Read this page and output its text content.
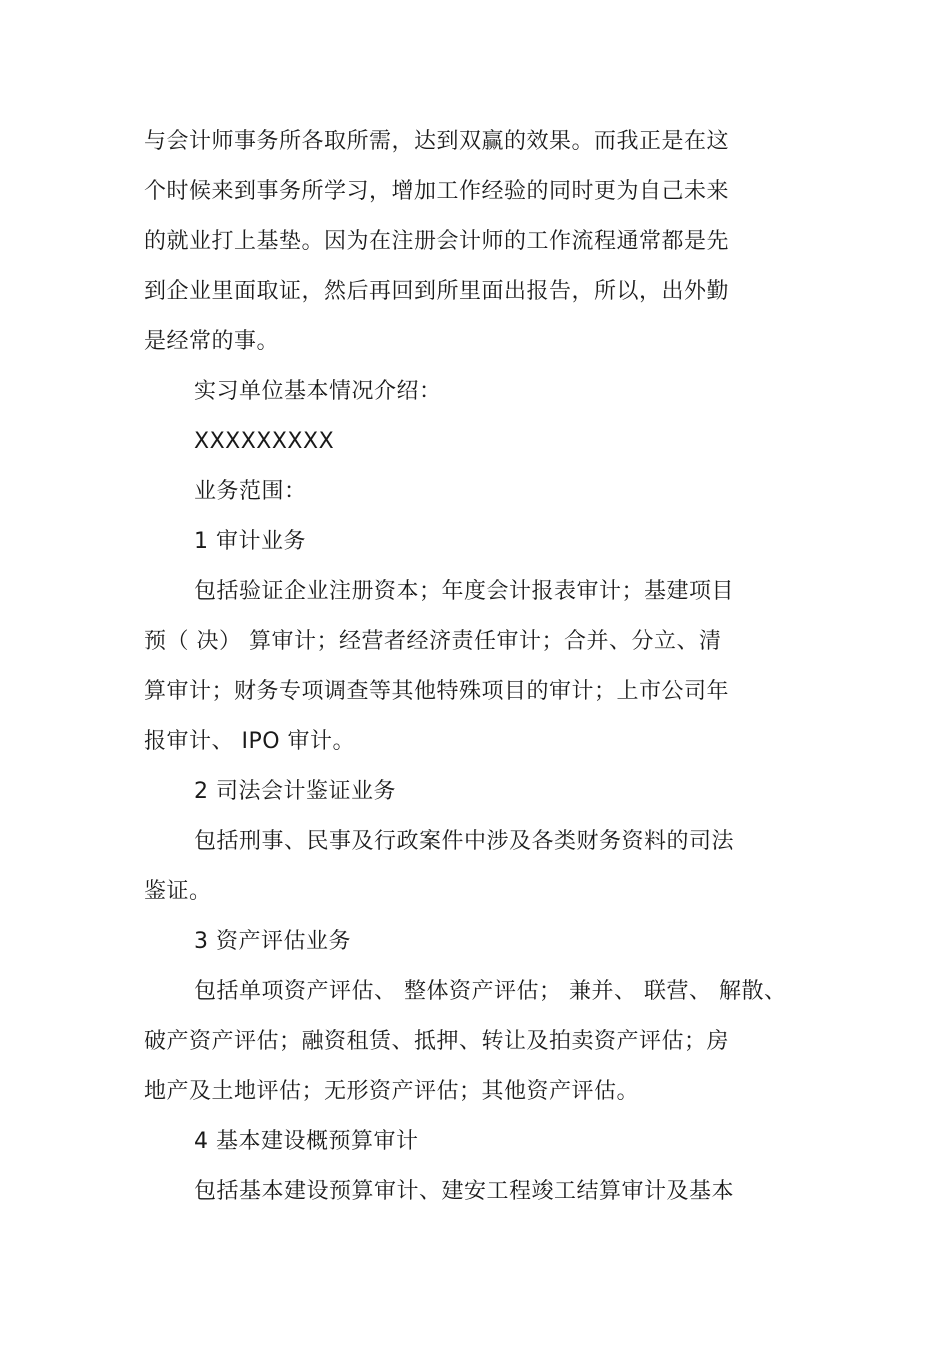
与会计师事务所各取所需，达到双赢的效果。而我正是在这
个时候来到事务所学习，增加工作经验的同时更为自己未来
的就业打上基垫。因为在注册会计师的工作流程通常都是先
到企业里面取证，然后再回到所里面出报告，所以，出外勤
是经常的事。
实习单位基本情况介绍：
XXXXXXXXX
业务范围：
1 审计业务
包括验证企业注册资本；年度会计报表审计；基建项目
预（ 决） 算审计；经营者经济责任审计；合并、分立、清
算审计；财务专项调查等其他特殊项目的审计；上市公司年
报审计、 IPO 审计。
2 司法会计鉴证业务
包括刑事、民事及行政案件中涉及各类财务资料的司法
鉴证。
3 资产评估业务
包括单项资产评估、 整体资产评估； 兼并、 联营、 解散、
破产资产评估；融资租赁、抵押、转让及拍卖资产评估；房
地产及土地评估；无形资产评估；其他资产评估。
4 基本建设概预算审计
包括基本建设预算审计、建安工程竣工结算审计及基本
